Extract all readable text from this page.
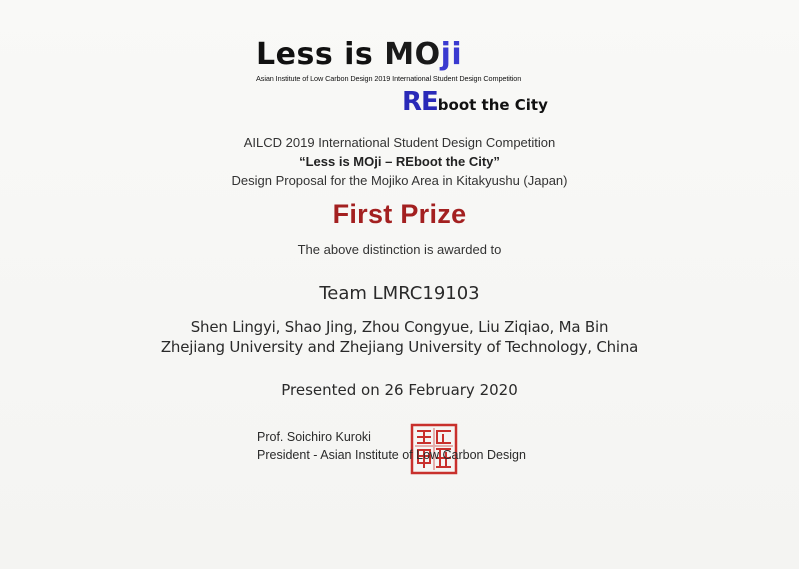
Less is MOji
Asian Institute of Low Carbon Design 2019 International Student Design Competition
REboot the City
AILCD 2019 International Student Design Competition
“Less is MOji – REboot the City”
Design Proposal for the Mojiko Area in Kitakyushu (Japan)
First Prize
The above distinction is awarded to
Team LMRC19103
Shen Lingyi, Shao Jing, Zhou Congyue, Liu Ziqiao, Ma Bin
Zhejiang University and Zhejiang University of Technology, China
Presented on 26 February 2020
Prof. Soichiro Kuroki
President - Asian Institute of Low Carbon Design
